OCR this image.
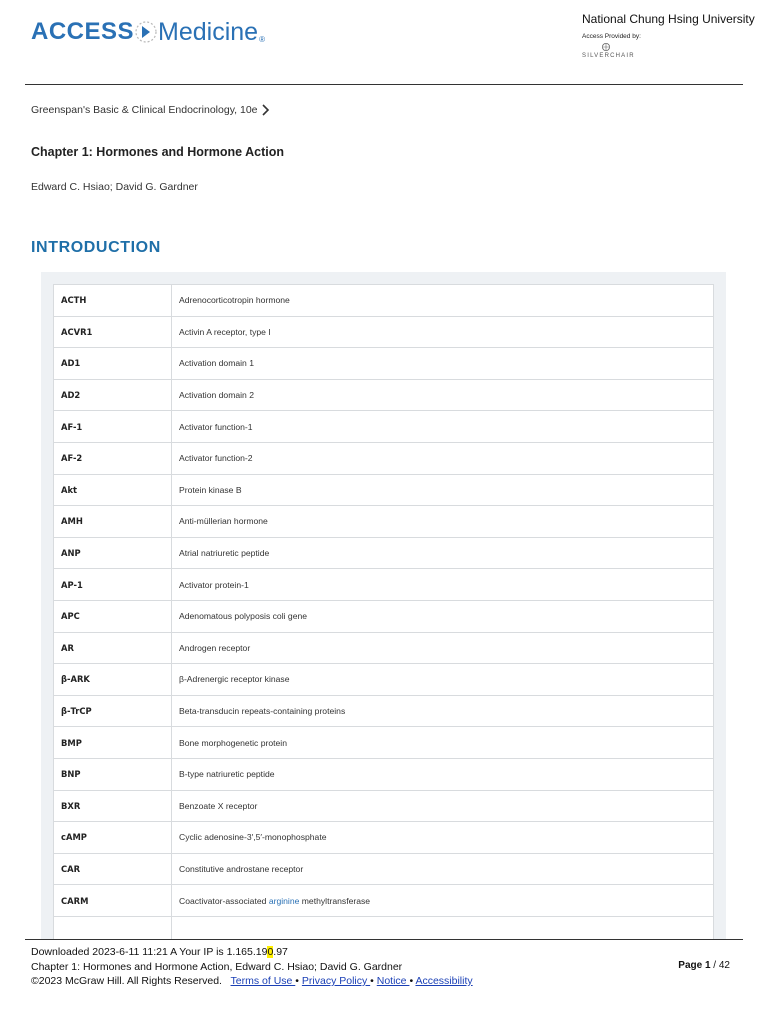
ACCESS Medicine ®
National Chung Hsing University
Access Provided by:
SILVERCHAIR
Greenspan's Basic & Clinical Endocrinology, 10e
Chapter 1: Hormones and Hormone Action
Edward C. Hsiao; David G. Gardner
INTRODUCTION
ACTH	Adrenocorticotropin hormone
ACVR1	Activin A receptor, type I
AD1	Activation domain 1
AD2	Activation domain 2
AF-1	Activator function-1
AF-2	Activator function-2
Akt	Protein kinase B
AMH	Anti-müllerian hormone
ANP	Atrial natriuretic peptide
AP-1	Activator protein-1
APC	Adenomatous polyposis coli gene
AR	Androgen receptor
β-ARK	β-Adrenergic receptor kinase
β-TrCP	Beta-transducin repeats-containing proteins
BMP	Bone morphogenetic protein
BNP	B-type natriuretic peptide
BXR	Benzoate X receptor
cAMP	Cyclic adenosine-3′,5′-monophosphate
CAR	Constitutive androstane receptor
CARM	Coactivator-associated arginine methyltransferase

Downloaded 2023-6-11 11:21 A Your IP is 1.165.190.97
Chapter 1: Hormones and Hormone Action, Edward C. Hsiao; David G. Gardner
©2023 McGraw Hill. All Rights Reserved. Terms of Use • Privacy Policy • Notice • Accessibility
Page 1 / 42
